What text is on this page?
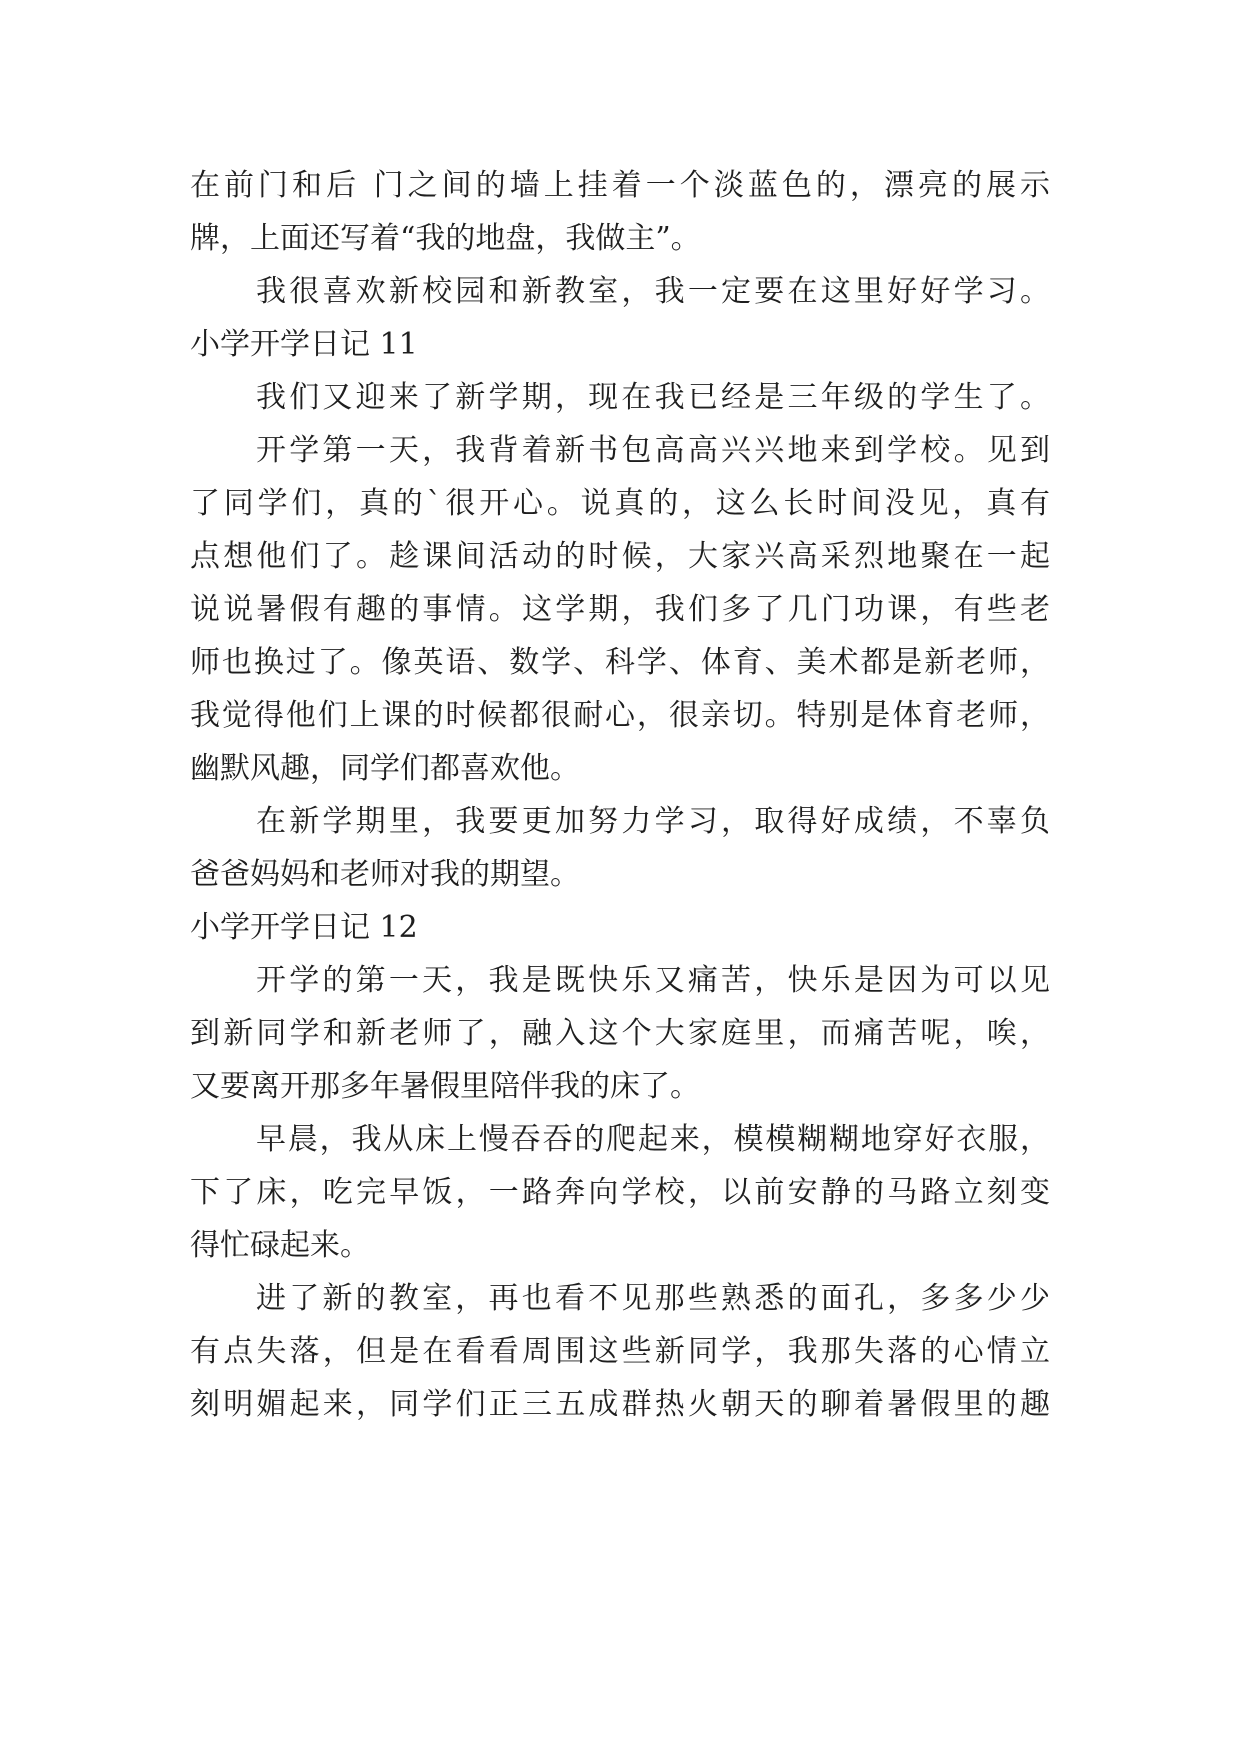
在前门和后 门之间的墙上挂着一个淡蓝色的，漂亮的展示
牌，上面还写着“我的地盘，我做主”。
我很喜欢新校园和新教室，我一定要在这里好好学习。
小学开学日记 11
我们又迎来了新学期，现在我已经是三年级的学生了。
开学第一天，我背着新书包高高兴兴地来到学校。见到
了同学们，真的`很开心。说真的，这么长时间没见，真有
点想他们了。趁课间活动的时候，大家兴高采烈地聚在一起
说说暑假有趣的事情。这学期，我们多了几门功课，有些老
师也换过了。像英语、数学、科学、体育、美术都是新老师，
我觉得他们上课的时候都很耐心，很亲切。特别是体育老师，
幽默风趣，同学们都喜欢他。
在新学期里，我要更加努力学习，取得好成绩，不辜负
爸爸妈妈和老师对我的期望。
小学开学日记 12
开学的第一天，我是既快乐又痛苦，快乐是因为可以见
到新同学和新老师了，融入这个大家庭里，而痛苦呢，唉，
又要离开那多年暑假里陪伴我的床了。
早晨，我从床上慢吞吞的爬起来，模模糊糊地穿好衣服，
下了床，吃完早饭，一路奔向学校，以前安静的马路立刻变
得忙碌起来。
进了新的教室，再也看不见那些熟悉的面孔，多多少少
有点失落，但是在看看周围这些新同学，我那失落的心情立
刻明媚起来，同学们正三五成群热火朝天的聊着暑假里的趣
